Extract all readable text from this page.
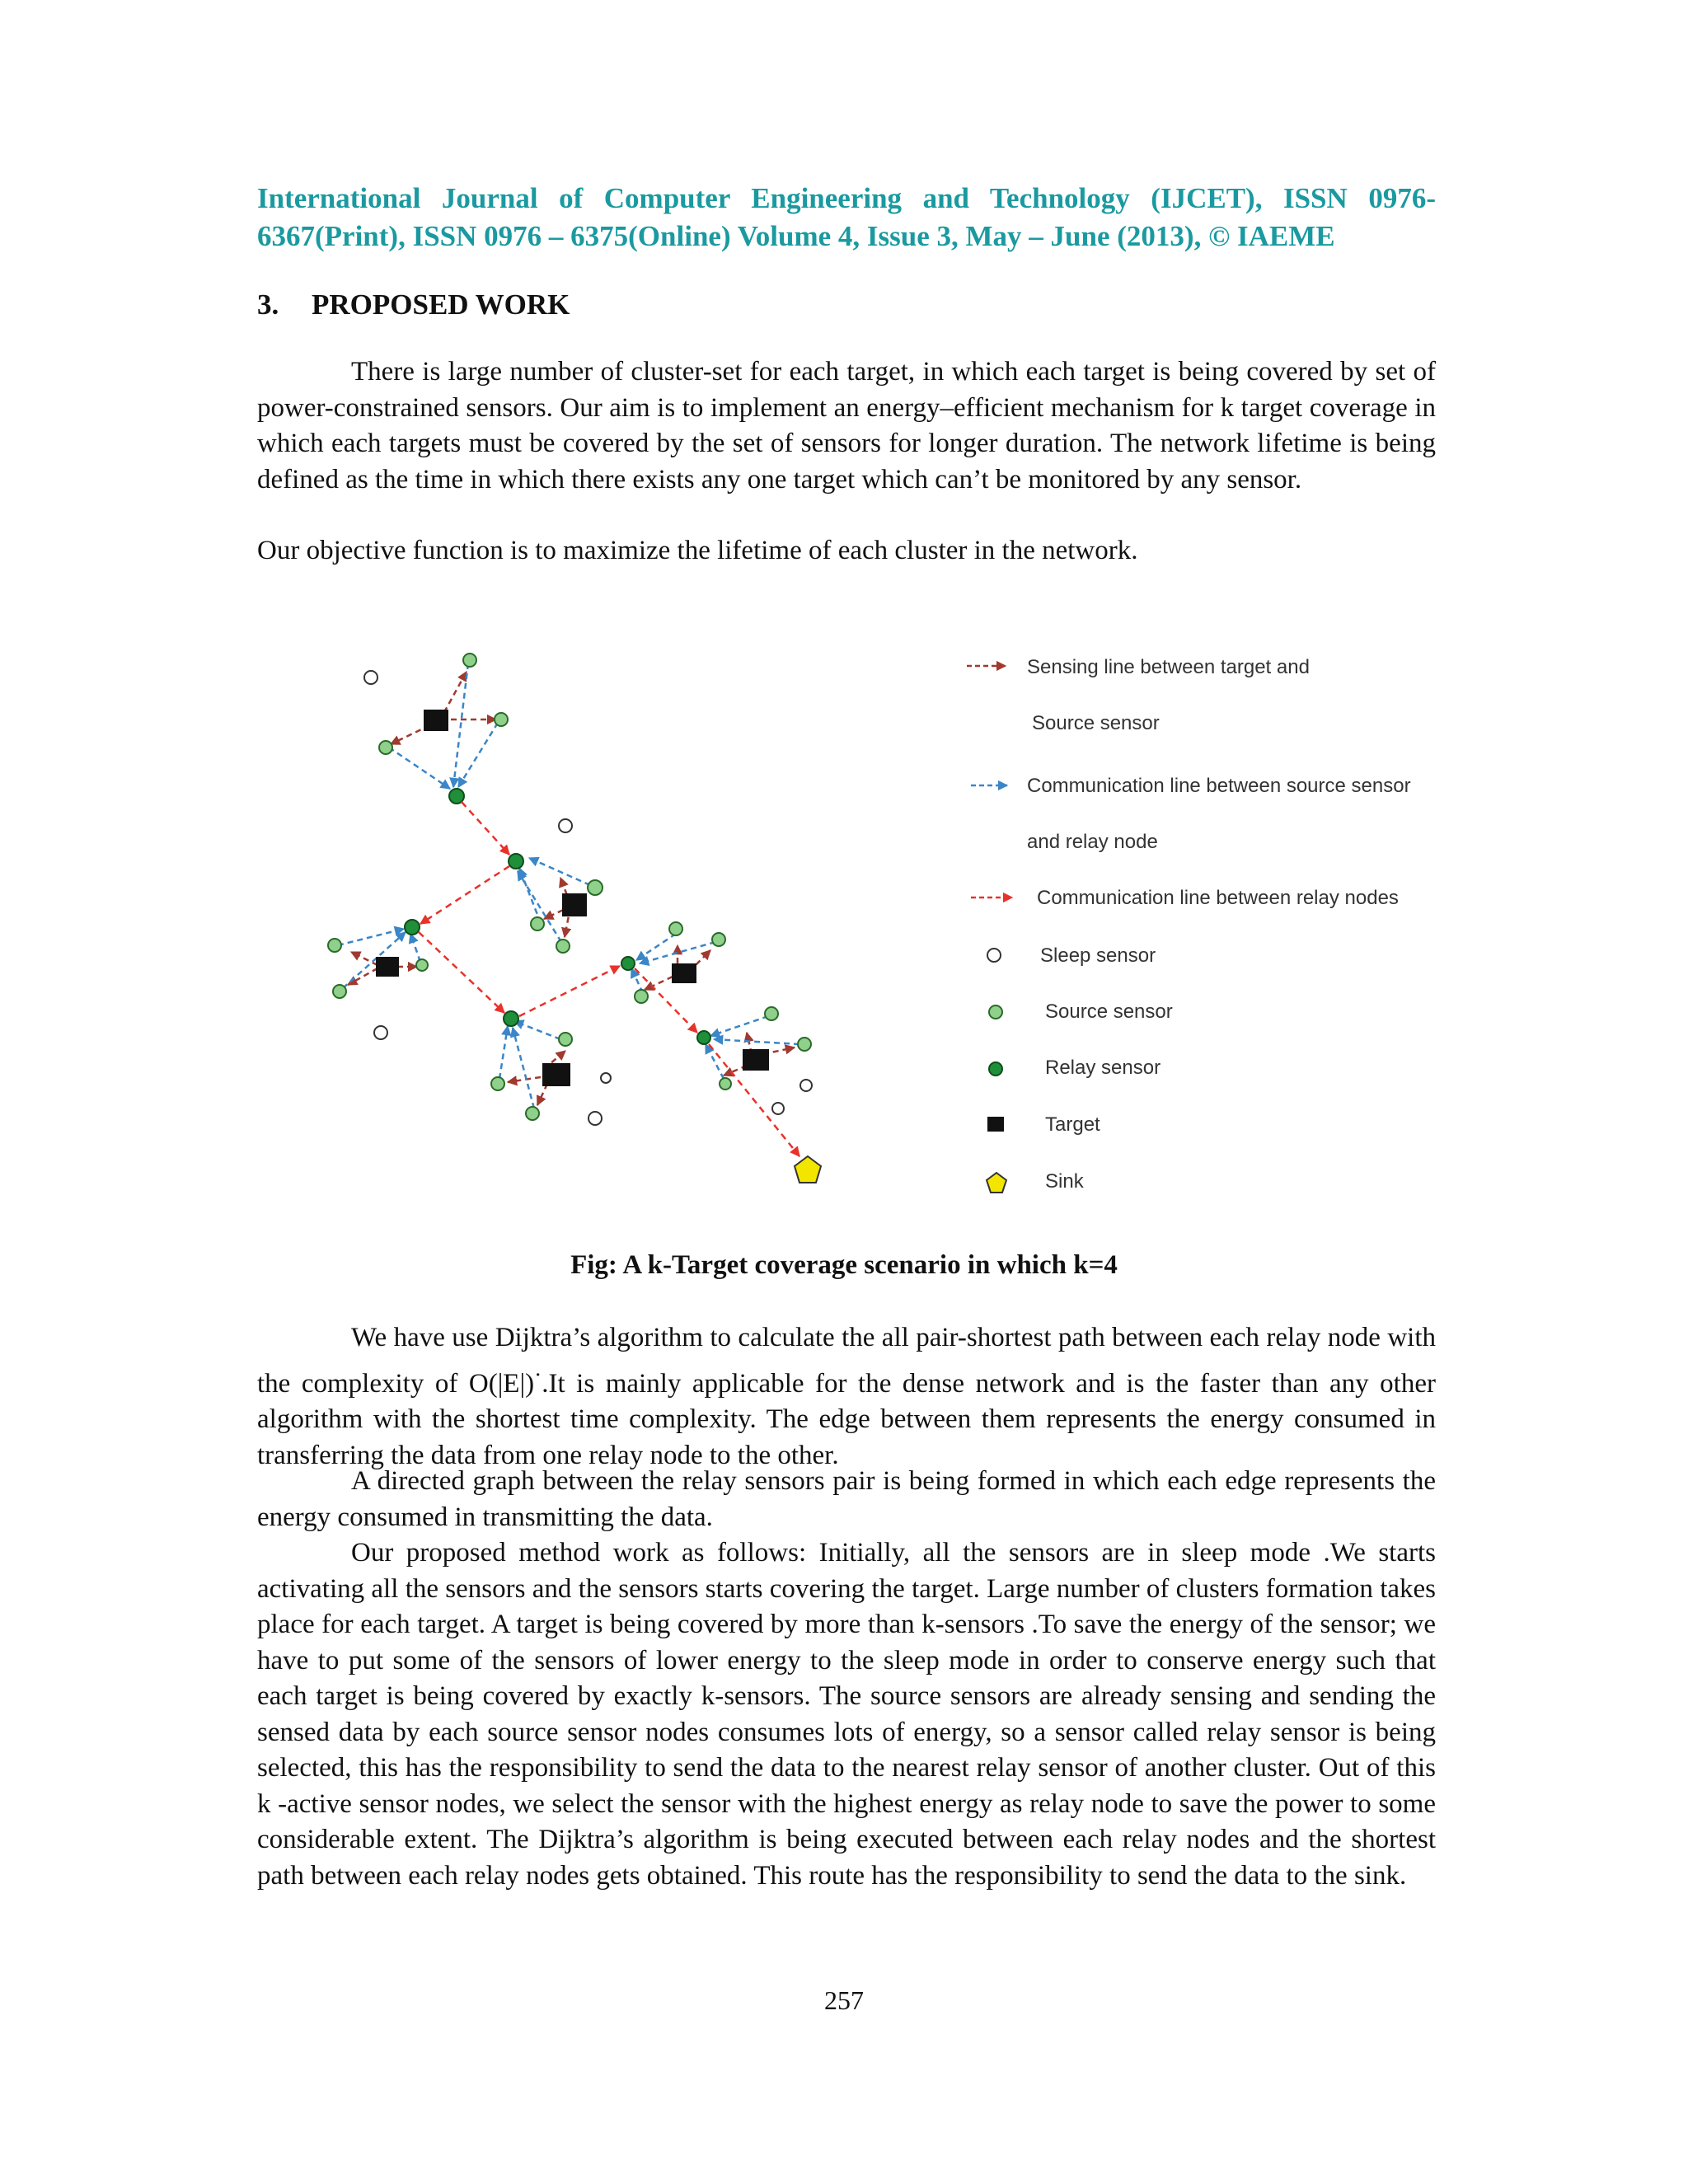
International Journal of Computer Engineering and Technology (IJCET), ISSN 0976-
6367(Print), ISSN 0976 – 6375(Online) Volume 4, Issue 3, May – June (2013), © IAEME
3. PROPOSED WORK

There is large number of cluster-set for each target, in which each target is being covered by set of power-constrained sensors. Our aim is to implement an energy–efficient mechanism for k target coverage in which each targets must be covered by the set of sensors for longer duration. The network lifetime is being defined as the time in which there exists any one target which can’t be monitored by any sensor.

Our objective function is to maximize the lifetime of each cluster in the network.

Sensing line between target and
Source sensor
Communication line between source sensor
and relay node
Communication line between relay nodes
Sleep sensor
Source sensor
Relay sensor
Target
Sink
Fig: A k-Target coverage scenario in which k=4

We have use Dijktra’s algorithm to calculate the all pair-shortest path between each relay node with the complexity of O(|E|)·.It is mainly applicable for the dense network and is the faster than any other algorithm with the shortest time complexity. The edge between them represents the energy consumed in transferring the data from one relay node to the other.

A directed graph between the relay sensors pair is being formed in which each edge represents the energy consumed in transmitting the data.

Our proposed method work as follows: Initially, all the sensors are in sleep mode .We starts activating all the sensors and the sensors starts covering the target. Large number of clusters formation takes place for each target. A target is being covered by more than k-sensors .To save the energy of the sensor; we have to put some of the sensors of lower energy to the sleep mode in order to conserve energy such that each target is being covered by exactly k-sensors. The source sensors are already sensing and sending the sensed data by each source sensor nodes consumes lots of energy, so a sensor called relay sensor is being selected, this has the responsibility to send the data to the nearest relay sensor of another cluster. Out of this k -active sensor nodes, we select the sensor with the highest energy as relay node to save the power to some considerable extent. The Dijktra’s algorithm is being executed between each relay nodes and the shortest path between each relay nodes gets obtained. This route has the responsibility to send the data to the sink.

257
